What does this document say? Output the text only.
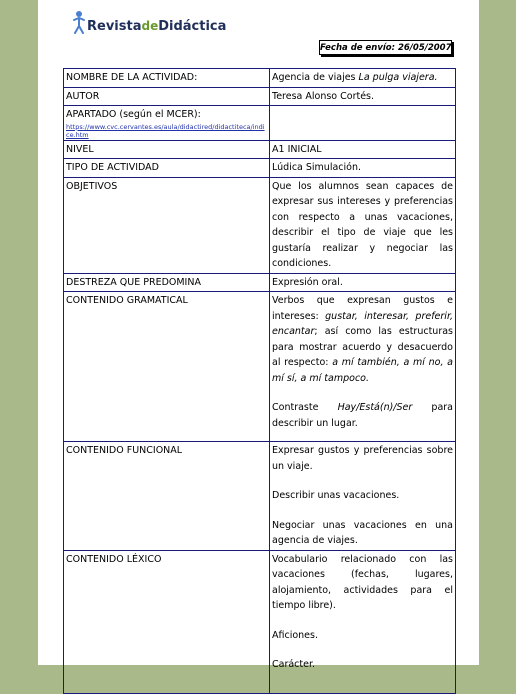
RevistadeDidáctica
Fecha de envío: 26/05/2007
NOMBRE DE LA ACTIVIDAD:	Agencia de viajes La pulga viajera.
AUTOR	Teresa Alonso Cortés.
APARTADO (según el MCER):
https://www.cvc.cervantes.es/aula/didactired/didactiteca/indice.htm	

NIVEL	A1 INICIAL
TIPO DE ACTIVIDAD	Lúdica Simulación.
OBJETIVOS	Que los alumnos sean capaces de expresar sus intereses y preferencias con respecto a unas vacaciones, describir el tipo de viaje que les gustaría realizar y negociar las condiciones.
DESTREZA QUE PREDOMINA	Expresión oral.
CONTENIDO GRAMATICAL	Verbos que expresan gustos e intereses: gustar, interesar, preferir, encantar; así como las estructuras para mostrar acuerdo y desacuerdo al respecto: a mí también, a mí no, a mí sí, a mí tampoco.

Contraste Hay/Está(n)/Ser para describir un lugar.

CONTENIDO FUNCIONAL	Expresar gustos y preferencias sobre un viaje.

Describir unas vacaciones.

Negociar unas vacaciones en una agencia de viajes.

CONTENIDO LÉXICO	Vocabulario relacionado con las vacaciones (fechas, lugares, alojamiento, actividades para el tiempo libre).

Aficiones.

Carácter.
